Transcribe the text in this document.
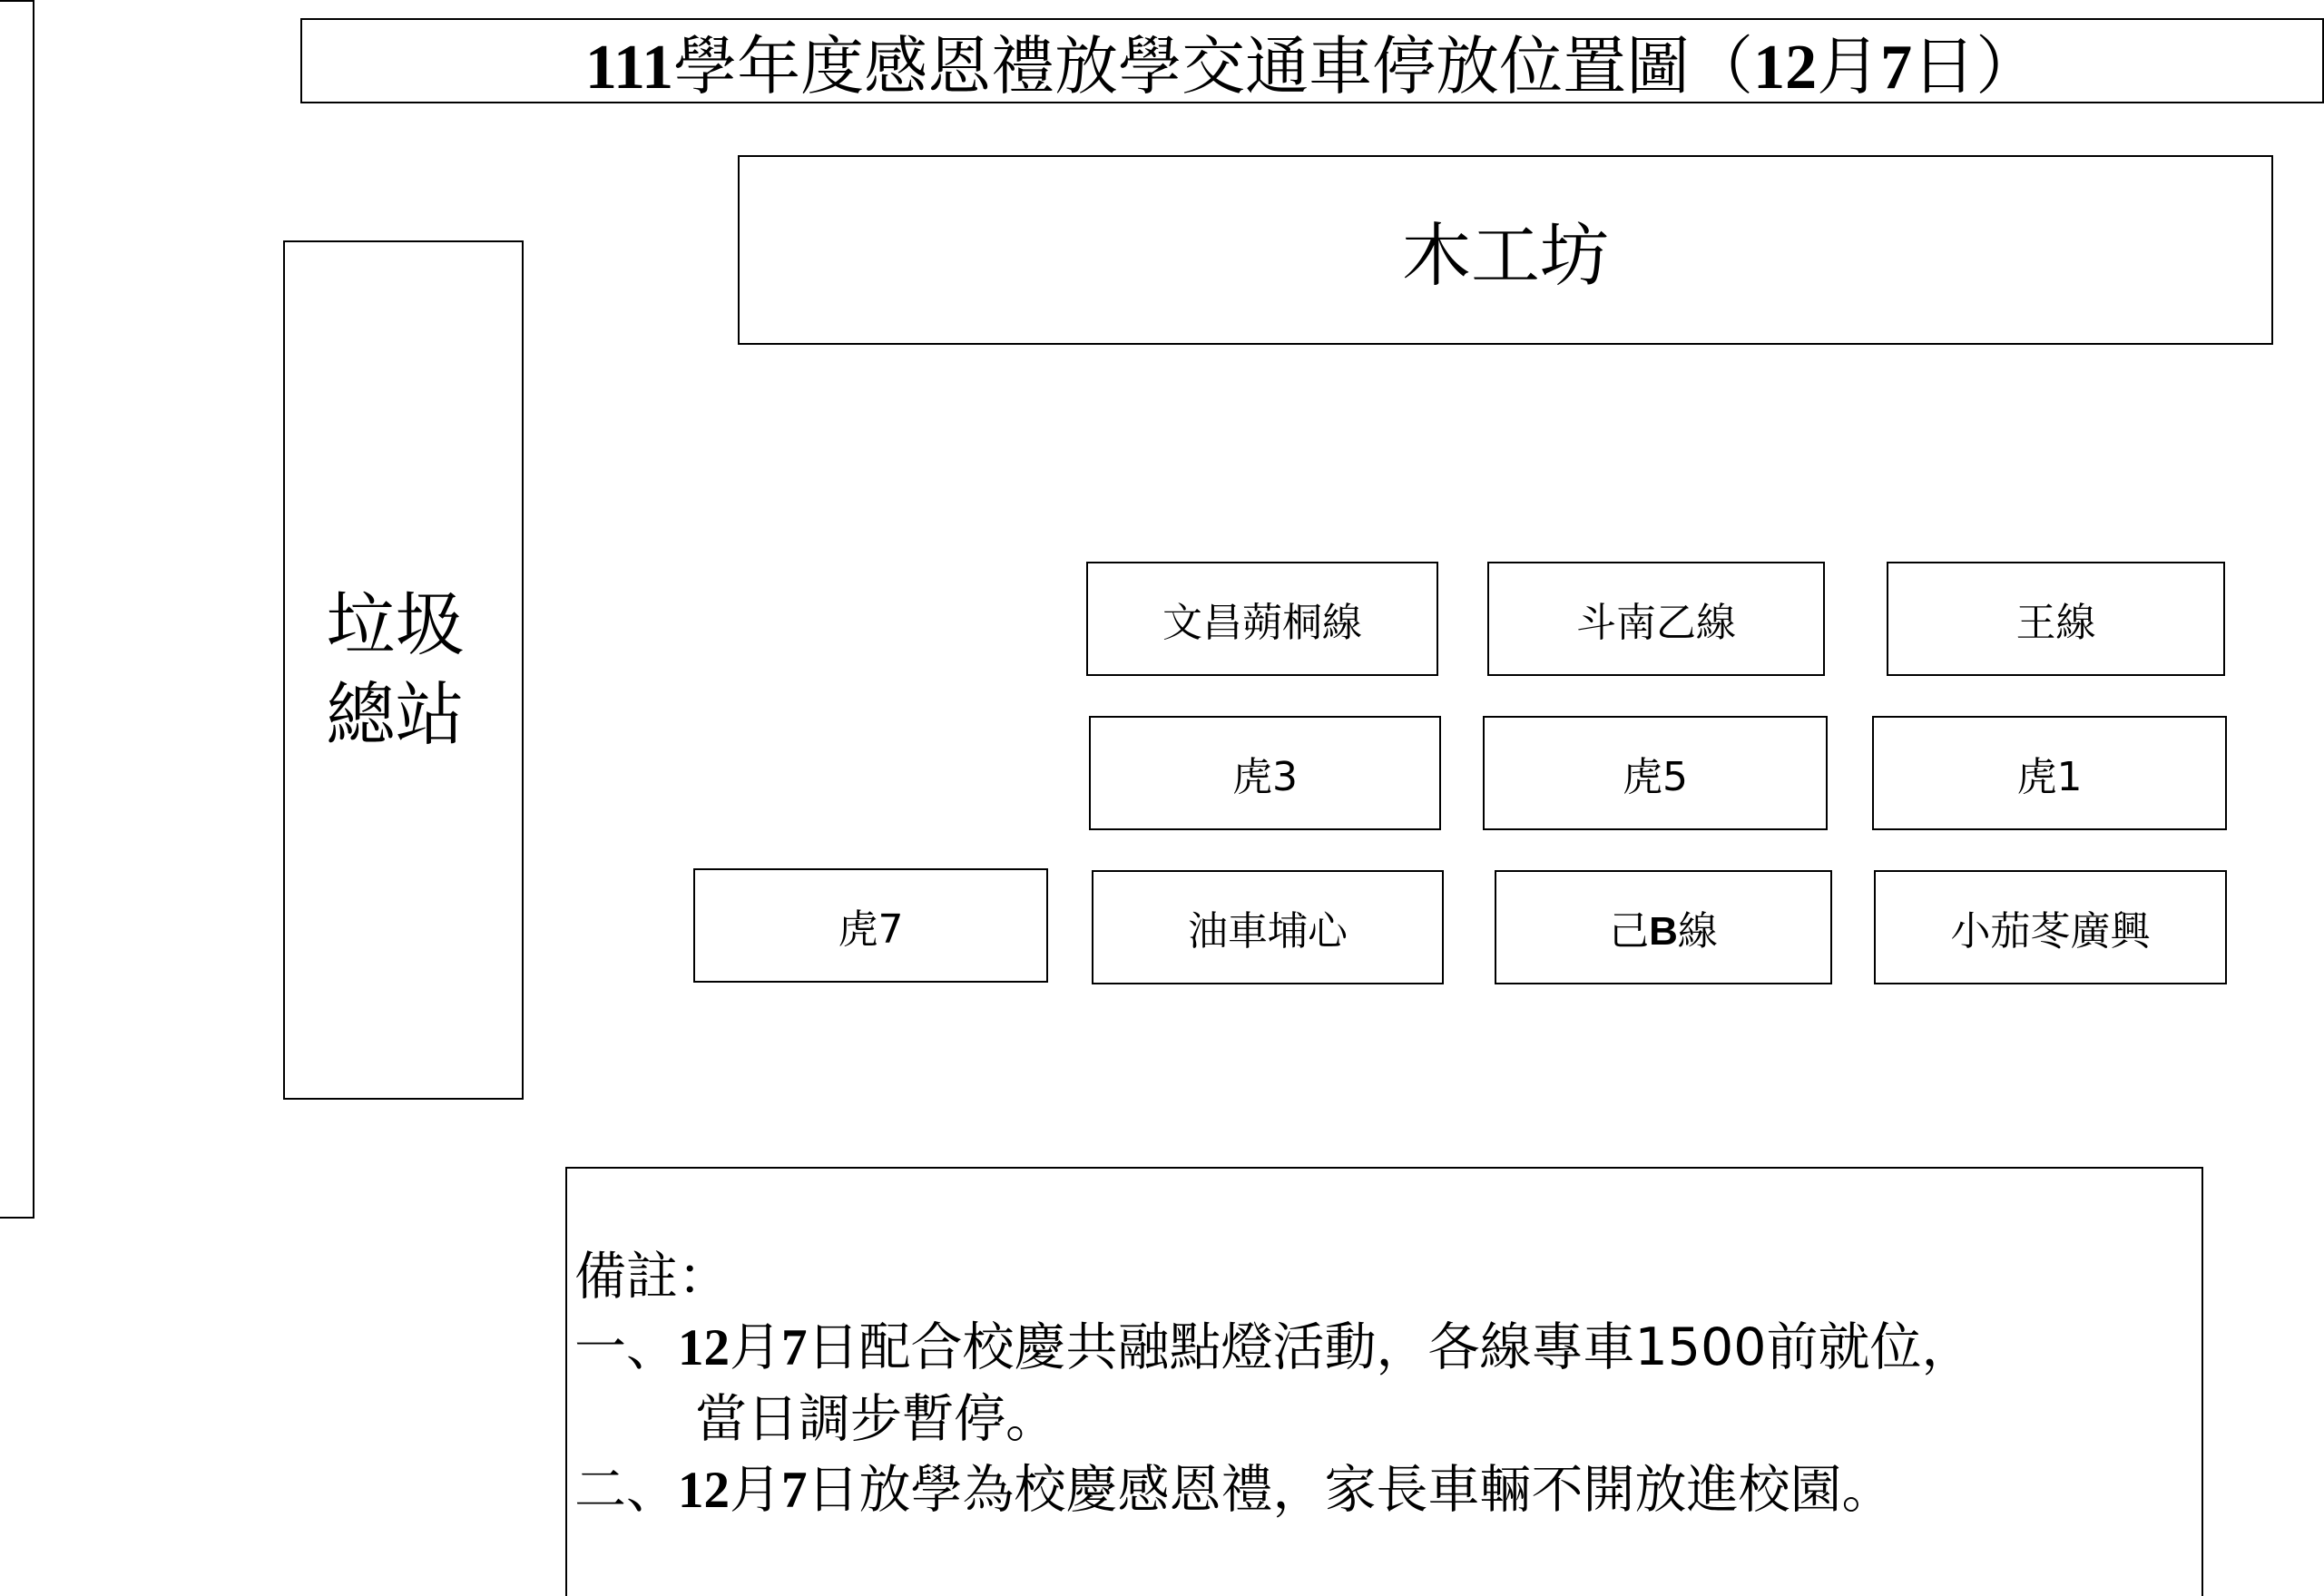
111學年度感恩禮放學交通車停放位置圖（12月7日）
木工坊
垃圾
總站
文昌蒴桐線	斗南乙線	王線
虎3	虎5	虎1
虎7	油車埔心	己B線	小茄苳廣興
備註：
一、12月7日配合校慶共融點燈活動，各線專車1500前就位，
當日調步暫停。
二、12月7日放學為校慶感恩禮，家長車輛不開放進校園。
